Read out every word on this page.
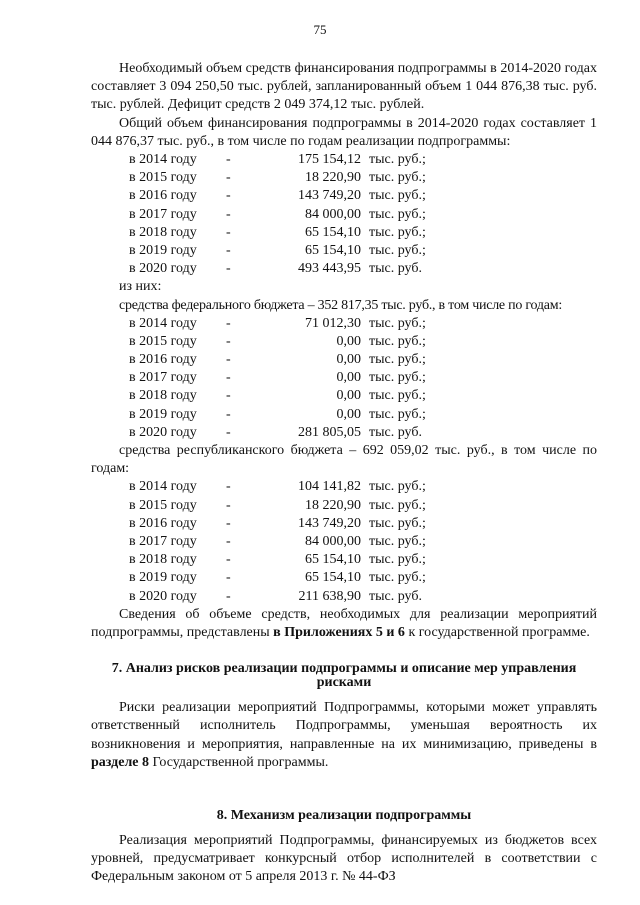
75

Необходимый объем средств финансирования подпрограммы в 2014-2020 годах составляет 3 094 250,50 тыс. рублей, запланированный объем 1 044 876,38 тыс. руб. тыс. рублей. Дефицит средств 2 049 374,12 тыс. рублей.

Общий объем финансирования подпрограммы в 2014-2020 годах составляет 1 044 876,37 тыс. руб., в том числе по годам реализации подпрограммы:

в 2014 году -	175 154,12 тыс. руб.;
в 2015 году -	18 220,90 тыс. руб.;
в 2016 году -	143 749,20 тыс. руб.;
в 2017 году -	84 000,00 тыс. руб.;
в 2018 году -	65 154,10 тыс. руб.;
в 2019 году -	65 154,10 тыс. руб.;
в 2020 году -	493 443,95 тыс. руб.

из них:

средства федерального бюджета – 352 817,35 тыс. руб., в том числе по годам:

в 2014 году -	71 012,30 тыс. руб.;
в 2015 году -	0,00 тыс. руб.;
в 2016 году -	0,00 тыс. руб.;
в 2017 году -	0,00 тыс. руб.;
в 2018 году -	0,00 тыс. руб.;
в 2019 году -	0,00 тыс. руб.;
в 2020 году -	281 805,05 тыс. руб.

средства республиканского бюджета – 692 059,02 тыс. руб., в том числе по годам:

в 2014 году -	104 141,82 тыс. руб.;
в 2015 году -	18 220,90 тыс. руб.;
в 2016 году -	143 749,20 тыс. руб.;
в 2017 году -	84 000,00 тыс. руб.;
в 2018 году -	65 154,10 тыс. руб.;
в 2019 году -	65 154,10 тыс. руб.;
в 2020 году -	211 638,90 тыс. руб.

Сведения об объеме средств, необходимых для реализации мероприятий подпрограммы, представлены в Приложениях 5 и 6 к государственной программе.

7. Анализ рисков реализации подпрограммы и описание мер управления рисками

Риски реализации мероприятий Подпрограммы, которыми может управлять ответственный исполнитель Подпрограммы, уменьшая вероятность их возникновения и мероприятия, направленные на их минимизацию, приведены в разделе 8 Государственной программы.

8. Механизм реализации подпрограммы

Реализация мероприятий Подпрограммы, финансируемых из бюджетов всех уровней, предусматривает конкурсный отбор исполнителей в соответствии с Федеральным законом от 5 апреля 2013 г. № 44-ФЗ
